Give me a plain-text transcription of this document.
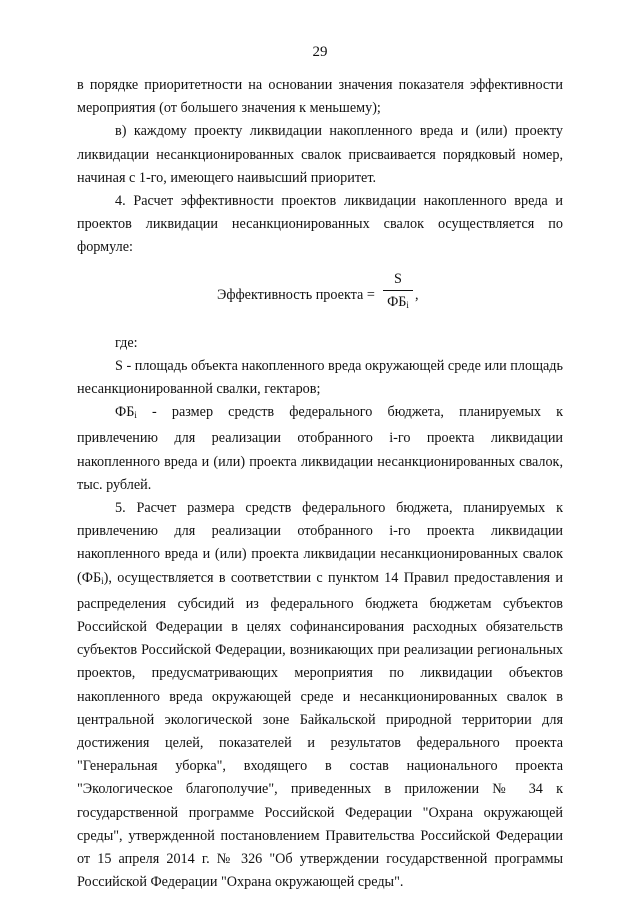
29

в порядке приоритетности на основании значения показателя эффективности мероприятия (от большего значения к меньшему);

в) каждому проекту ликвидации накопленного вреда и (или) проекту ликвидации несанкционированных свалок присваивается порядковый номер, начиная с 1-го, имеющего наивысший приоритет.

4. Расчет эффективности проектов ликвидации накопленного вреда и проектов ликвидации несанкционированных свалок осуществляется по формуле:

Эффективность проекта =
S
$ФБ_i$
,

где:

S - площадь объекта накопленного вреда окружающей среде или площадь несанкционированной свалки, гектаров;

$ФБ_i$ - размер средств федерального бюджета, планируемых к привлечению для реализации отобранного i-го проекта ликвидации накопленного вреда и (или) проекта ликвидации несанкционированных свалок, тыс. рублей.

5. Расчет размера средств федерального бюджета, планируемых к привлечению для реализации отобранного i-го проекта ликвидации накопленного вреда и (или) проекта ликвидации несанкционированных свалок $(ФБ_i)$, осуществляется в соответствии с пунктом 14 Правил предоставления и распределения субсидий из федерального бюджета бюджетам субъектов Российской Федерации в целях софинансирования расходных обязательств субъектов Российской Федерации, возникающих при реализации региональных проектов, предусматривающих мероприятия по ликвидации объектов накопленного вреда окружающей среде и несанкционированных свалок в центральной экологической зоне Байкальской природной территории для достижения целей, показателей и результатов федерального проекта "Генеральная уборка", входящего в состав национального проекта "Экологическое благополучие", приведенных в приложении № 34 к государственной программе Российской Федерации "Охрана окружающей среды", утвержденной постановлением Правительства Российской Федерации от 15 апреля 2014 г. № 326 "Об утверждении государственной программы Российской Федерации "Охрана окружающей среды".
